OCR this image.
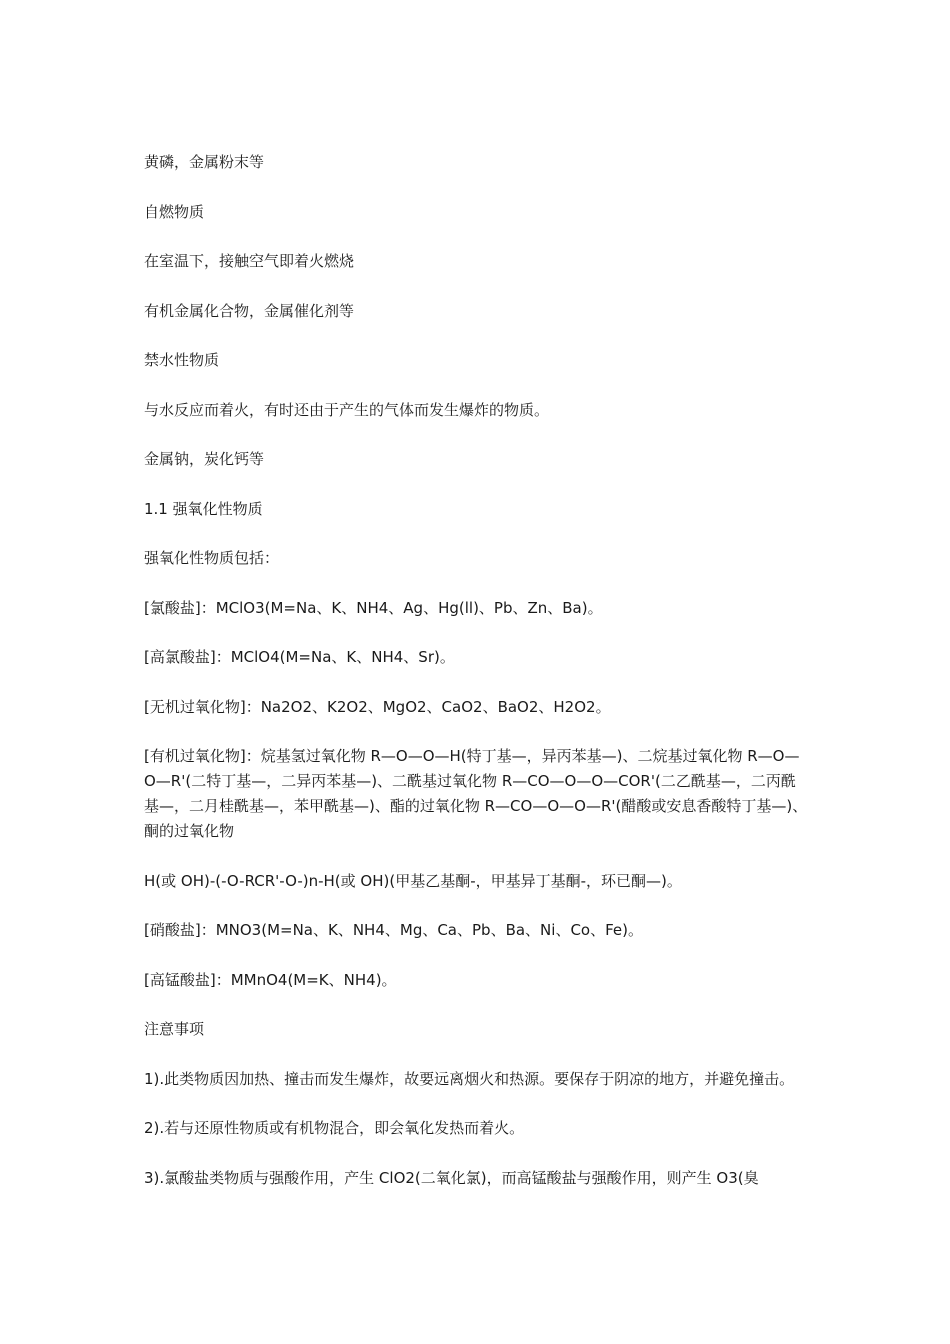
黄磷，金属粉末等

自燃物质

在室温下，接触空气即着火燃烧

有机金属化合物，金属催化剂等

禁水性物质

与水反应而着火，有时还由于产生的气体而发生爆炸的物质。

金属钠，炭化钙等

1.1 强氧化性物质

强氧化性物质包括：

[氯酸盐]：MClO3(M=Na、K、NH4、Ag、Hg(ll)、Pb、Zn、Ba)。

[高氯酸盐]：MClO4(M=Na、K、NH4、Sr)。

[无机过氧化物]：Na2O2、K2O2、MgO2、CaO2、BaO2、H2O2。

[有机过氧化物]：烷基氢过氧化物 R—O—O—H(特丁基—，异丙苯基—)、二烷基过氧化物 R—O—O—R'(二特丁基—，二异丙苯基—)、二酰基过氧化物 R—CO—O—O—COR'(二乙酰基—，二丙酰基—，二月桂酰基—，苯甲酰基—)、酯的过氧化物 R—CO—O—O—R'(醋酸或安息香酸特丁基—)、酮的过氧化物

H(或 OH)-(-O-RCR'-O-)n-H(或 OH)(甲基乙基酮-，甲基异丁基酮-，环已酮—)。

[硝酸盐]：MNO3(M=Na、K、NH4、Mg、Ca、Pb、Ba、Ni、Co、Fe)。

[高锰酸盐]：MMnO4(M=K、NH4)。

注意事项

1).此类物质因加热、撞击而发生爆炸，故要远离烟火和热源。要保存于阴凉的地方，并避免撞击。

2).若与还原性物质或有机物混合，即会氧化发热而着火。

3).氯酸盐类物质与强酸作用，产生 ClO2(二氧化氯)，而高锰酸盐与强酸作用，则产生 O3(臭
